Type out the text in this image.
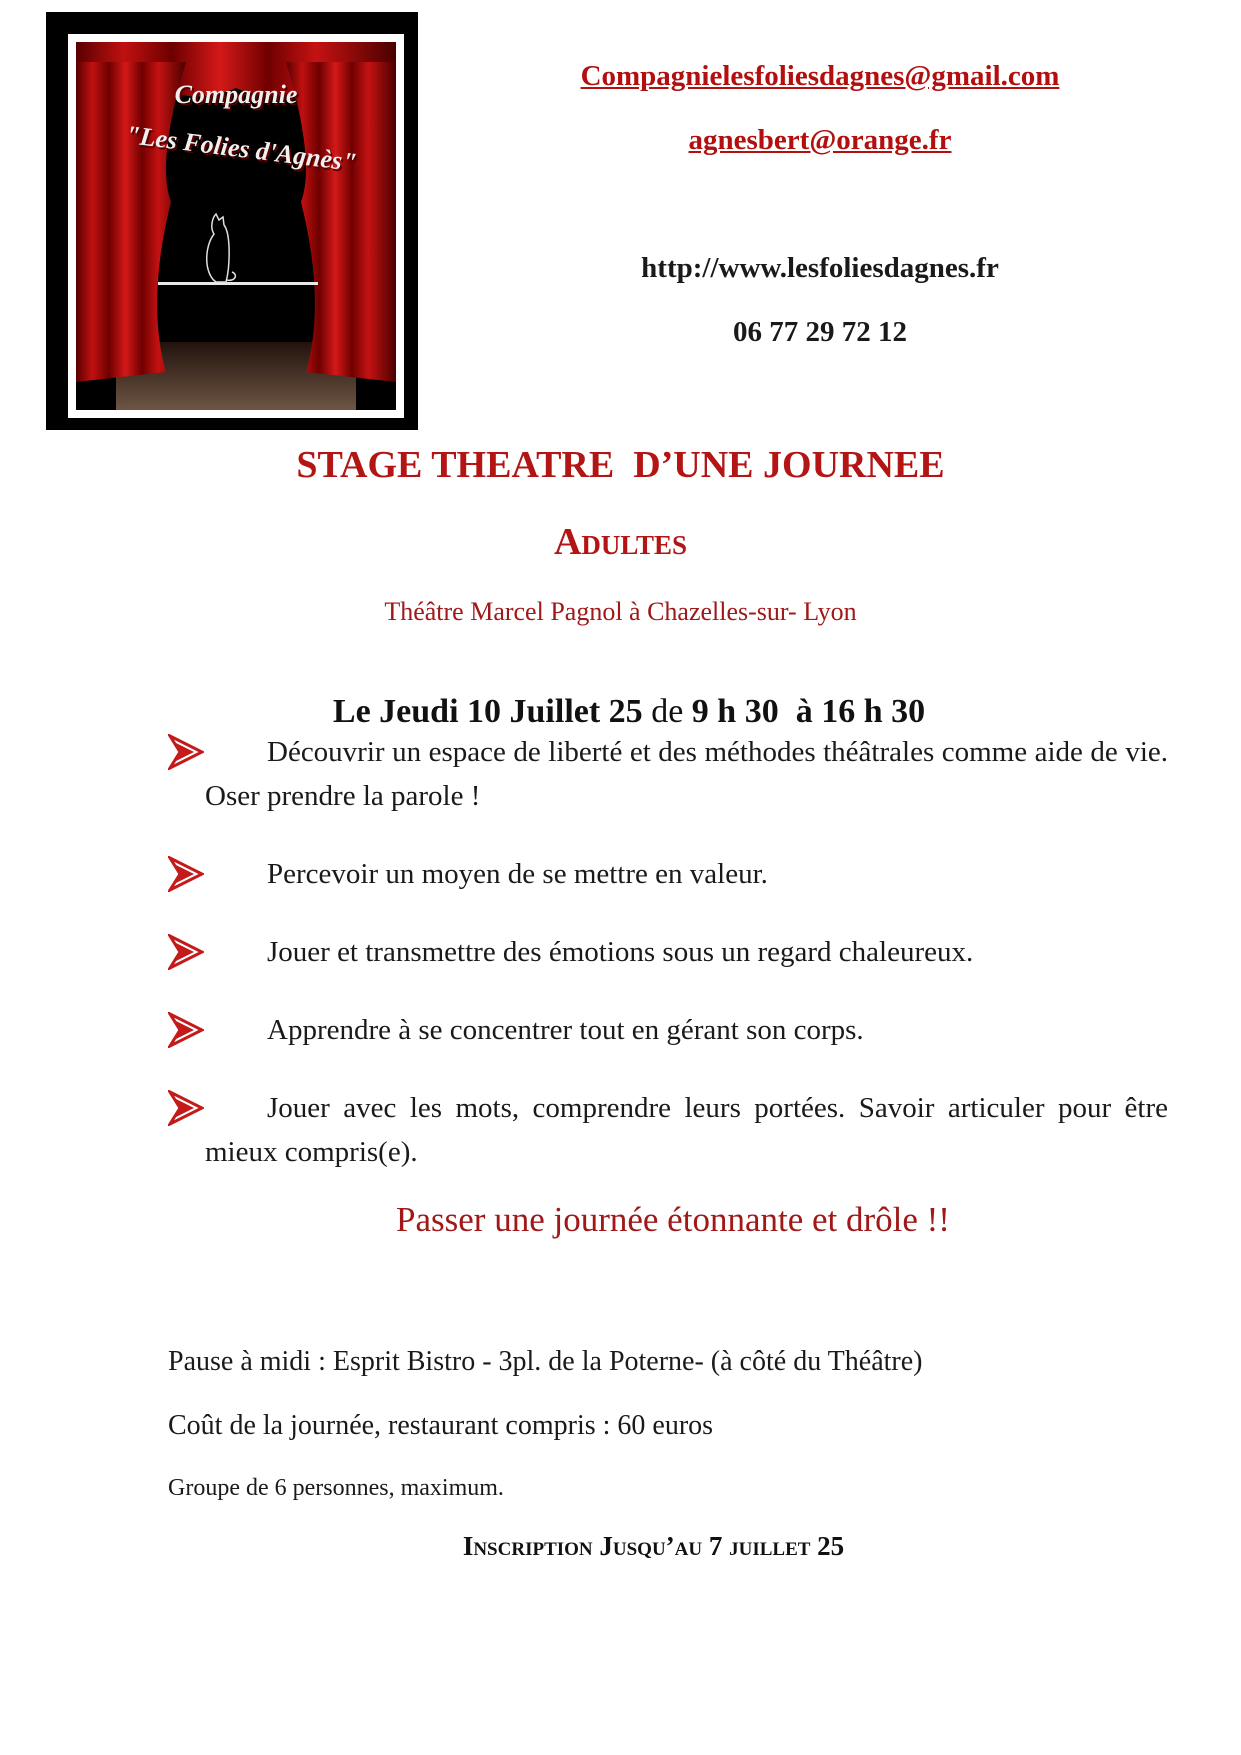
Compagnie
"Les Folies d'Agnès"
Compagnielesfoliesdagnes@gmail.com
agnesbert@orange.fr
http://www.lesfoliesdagnes.fr
06 77 29 72 12
STAGE THEATRE  D’UNE JOURNEE
Adultes
Théâtre Marcel Pagnol à Chazelles-sur- Lyon

Le Jeudi 10 Juillet 25 de 9 h 30  à 16 h 30

Découvrir un espace de liberté et des méthodes théâtrales comme aide de vie. Oser prendre la parole !
Percevoir un moyen de se mettre en valeur.
Jouer et transmettre des émotions sous un regard chaleureux.
Apprendre à se concentrer tout en gérant son corps.
Jouer avec les mots, comprendre leurs portées. Savoir articuler pour être mieux compris(e).
Passer une journée étonnante et drôle !!
Pause à midi : Esprit Bistro - 3pl. de la Poterne- (à côté du Théâtre)
Coût de la journée, restaurant compris : 60 euros
Groupe de 6 personnes, maximum.
Inscription Jusqu’au 7 juillet 25
